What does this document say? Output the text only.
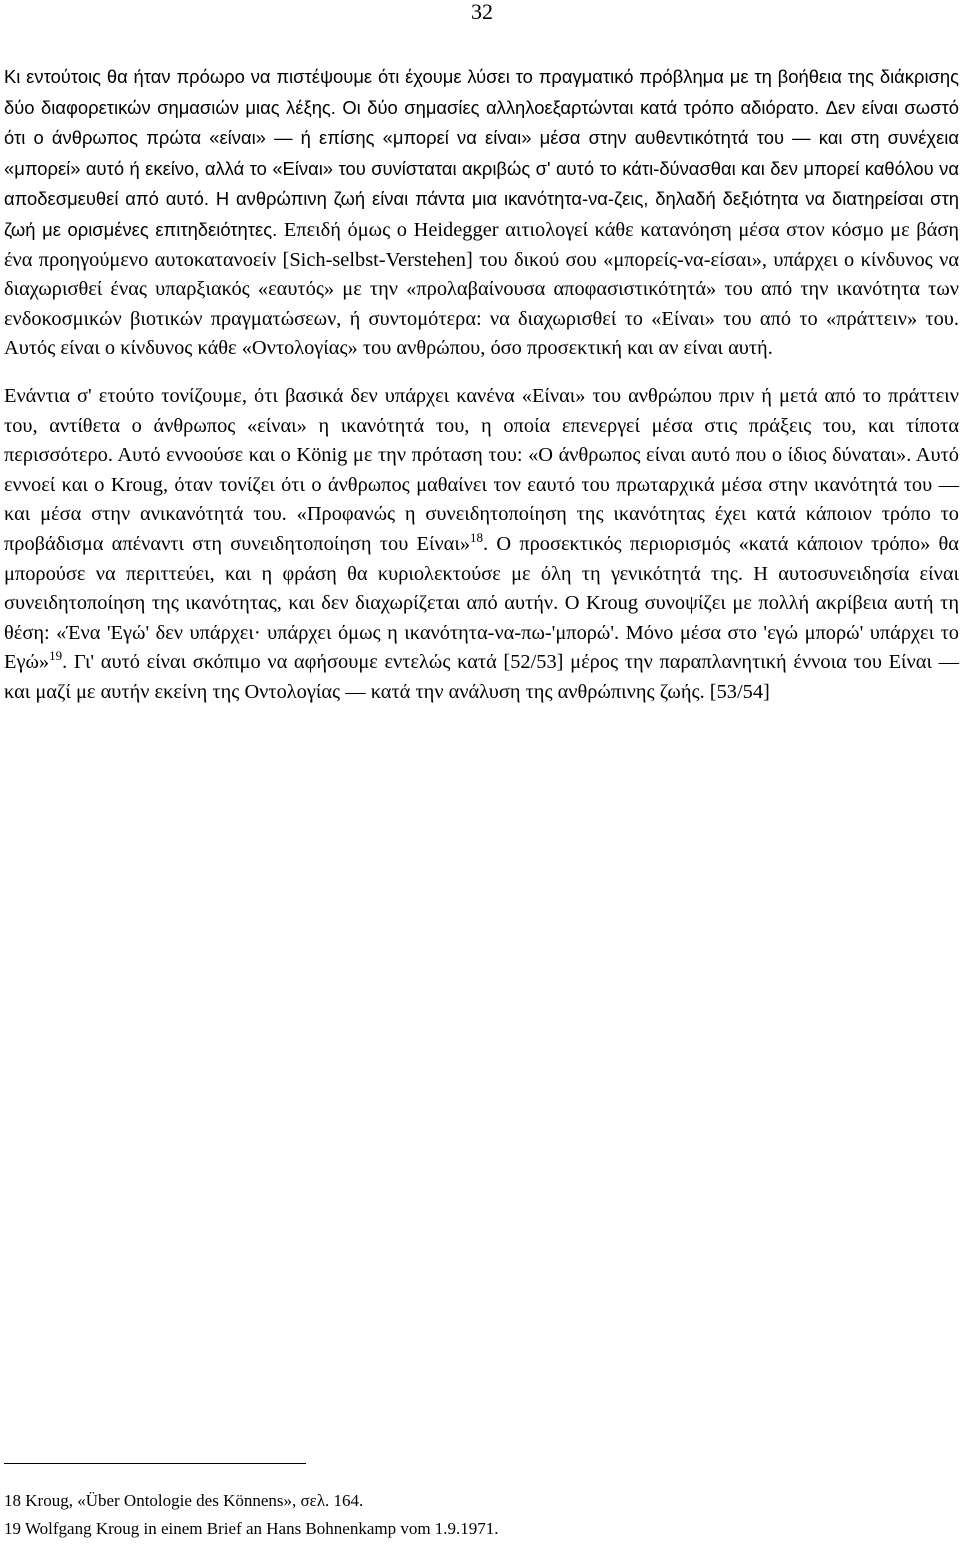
32

Κι εντούτοις θα ήταν πρόωρο να πιστέψουμε ότι έχουμε λύσει το πραγματικό πρόβλημα με τη βοήθεια της διάκρισης δύο διαφορετικών σημασιών μιας λέξης. Οι δύο σημασίες αλληλοεξαρτώνται κατά τρόπο αδιόρατο. Δεν είναι σωστό ότι ο άνθρωπος πρώτα «είναι» — ή επίσης «μπορεί να είναι» μέσα στην αυθεντικότητά του — και στη συνέχεια «μπορεί» αυτό ή εκείνο, αλλά το «Είναι» του συνίσταται ακριβώς σ' αυτό το κάτι-δύνασθαι και δεν μπορεί καθόλου να αποδεσμευθεί από αυτό. Η ανθρώπινη ζωή είναι πάντα μια ικανότητα-να-ζεις, δηλαδή δεξιότητα να διατηρείσαι στη ζωή με ορισμένες επιτηδειότητες. Επειδή όμως ο Heidegger αιτιολογεί κάθε κατανόηση μέσα στον κόσμο με βάση ένα προηγούμενο αυτοκατανοείν [Sich-selbst-Verstehen] του δικού σου «μπορείς-να-είσαι», υπάρχει ο κίνδυνος να διαχωρισθεί ένας υπαρξιακός «εαυτός» με την «προλαβαίνουσα αποφασιστικότητά» του από την ικανότητα των ενδοκοσμικών βιοτικών πραγματώσεων, ή συντομότερα: να διαχωρισθεί το «Είναι» του από το «πράττειν» του. Αυτός είναι ο κίνδυνος κάθε «Οντολογίας» του ανθρώπου, όσο προσεκτική και αν είναι αυτή.

Ενάντια σ' ετούτο τονίζουμε, ότι βασικά δεν υπάρχει κανένα «Είναι» του ανθρώπου πριν ή μετά από το πράττειν του, αντίθετα ο άνθρωπος «είναι» η ικανότητά του, η οποία επενεργεί μέσα στις πράξεις του, και τίποτα περισσότερο. Αυτό εννοούσε και ο König με την πρόταση του: «Ο άνθρωπος είναι αυτό που ο ίδιος δύναται». Αυτό εννοεί και ο Kroug, όταν τονίζει ότι ο άνθρωπος μαθαίνει τον εαυτό του πρωταρχικά μέσα στην ικανότητά του — και μέσα στην ανικανότητά του. «Προφανώς η συνειδητοποίηση της ικανότητας έχει κατά κάποιον τρόπο το προβάδισμα απέναντι στη συνειδητοποίηση του Είναι»$^{18}$. Ο προσεκτικός περιορισμός «κατά κάποιον τρόπο» θα μπορούσε να περιττεύει, και η φράση θα κυριολεκτούσε με όλη τη γενικότητά της. Η αυτοσυνειδησία είναι συνειδητοποίηση της ικανότητας, και δεν διαχωρίζεται από αυτήν. Ο Kroug συνοψίζει με πολλή ακρίβεια αυτή τη θέση: «Ένα 'Εγώ' δεν υπάρχει· υπάρχει όμως η ικανότητα-να-πω-'μπορώ'. Μόνο μέσα στο 'εγώ μπορώ' υπάρχει το Εγώ»$^{19}$. Γι' αυτό είναι σκόπιμο να αφήσουμε εντελώς κατά [52/53] μέρος την παραπλανητική έννοια του Είναι — και μαζί με αυτήν εκείνη της Οντολογίας — κατά την ανάλυση της ανθρώπινης ζωής. [53/54]

18 Kroug, «Über Ontologie des Könnens», σελ. 164.

19 Wolfgang Kroug in einem Brief an Hans Bohnenkamp vom 1.9.1971.
